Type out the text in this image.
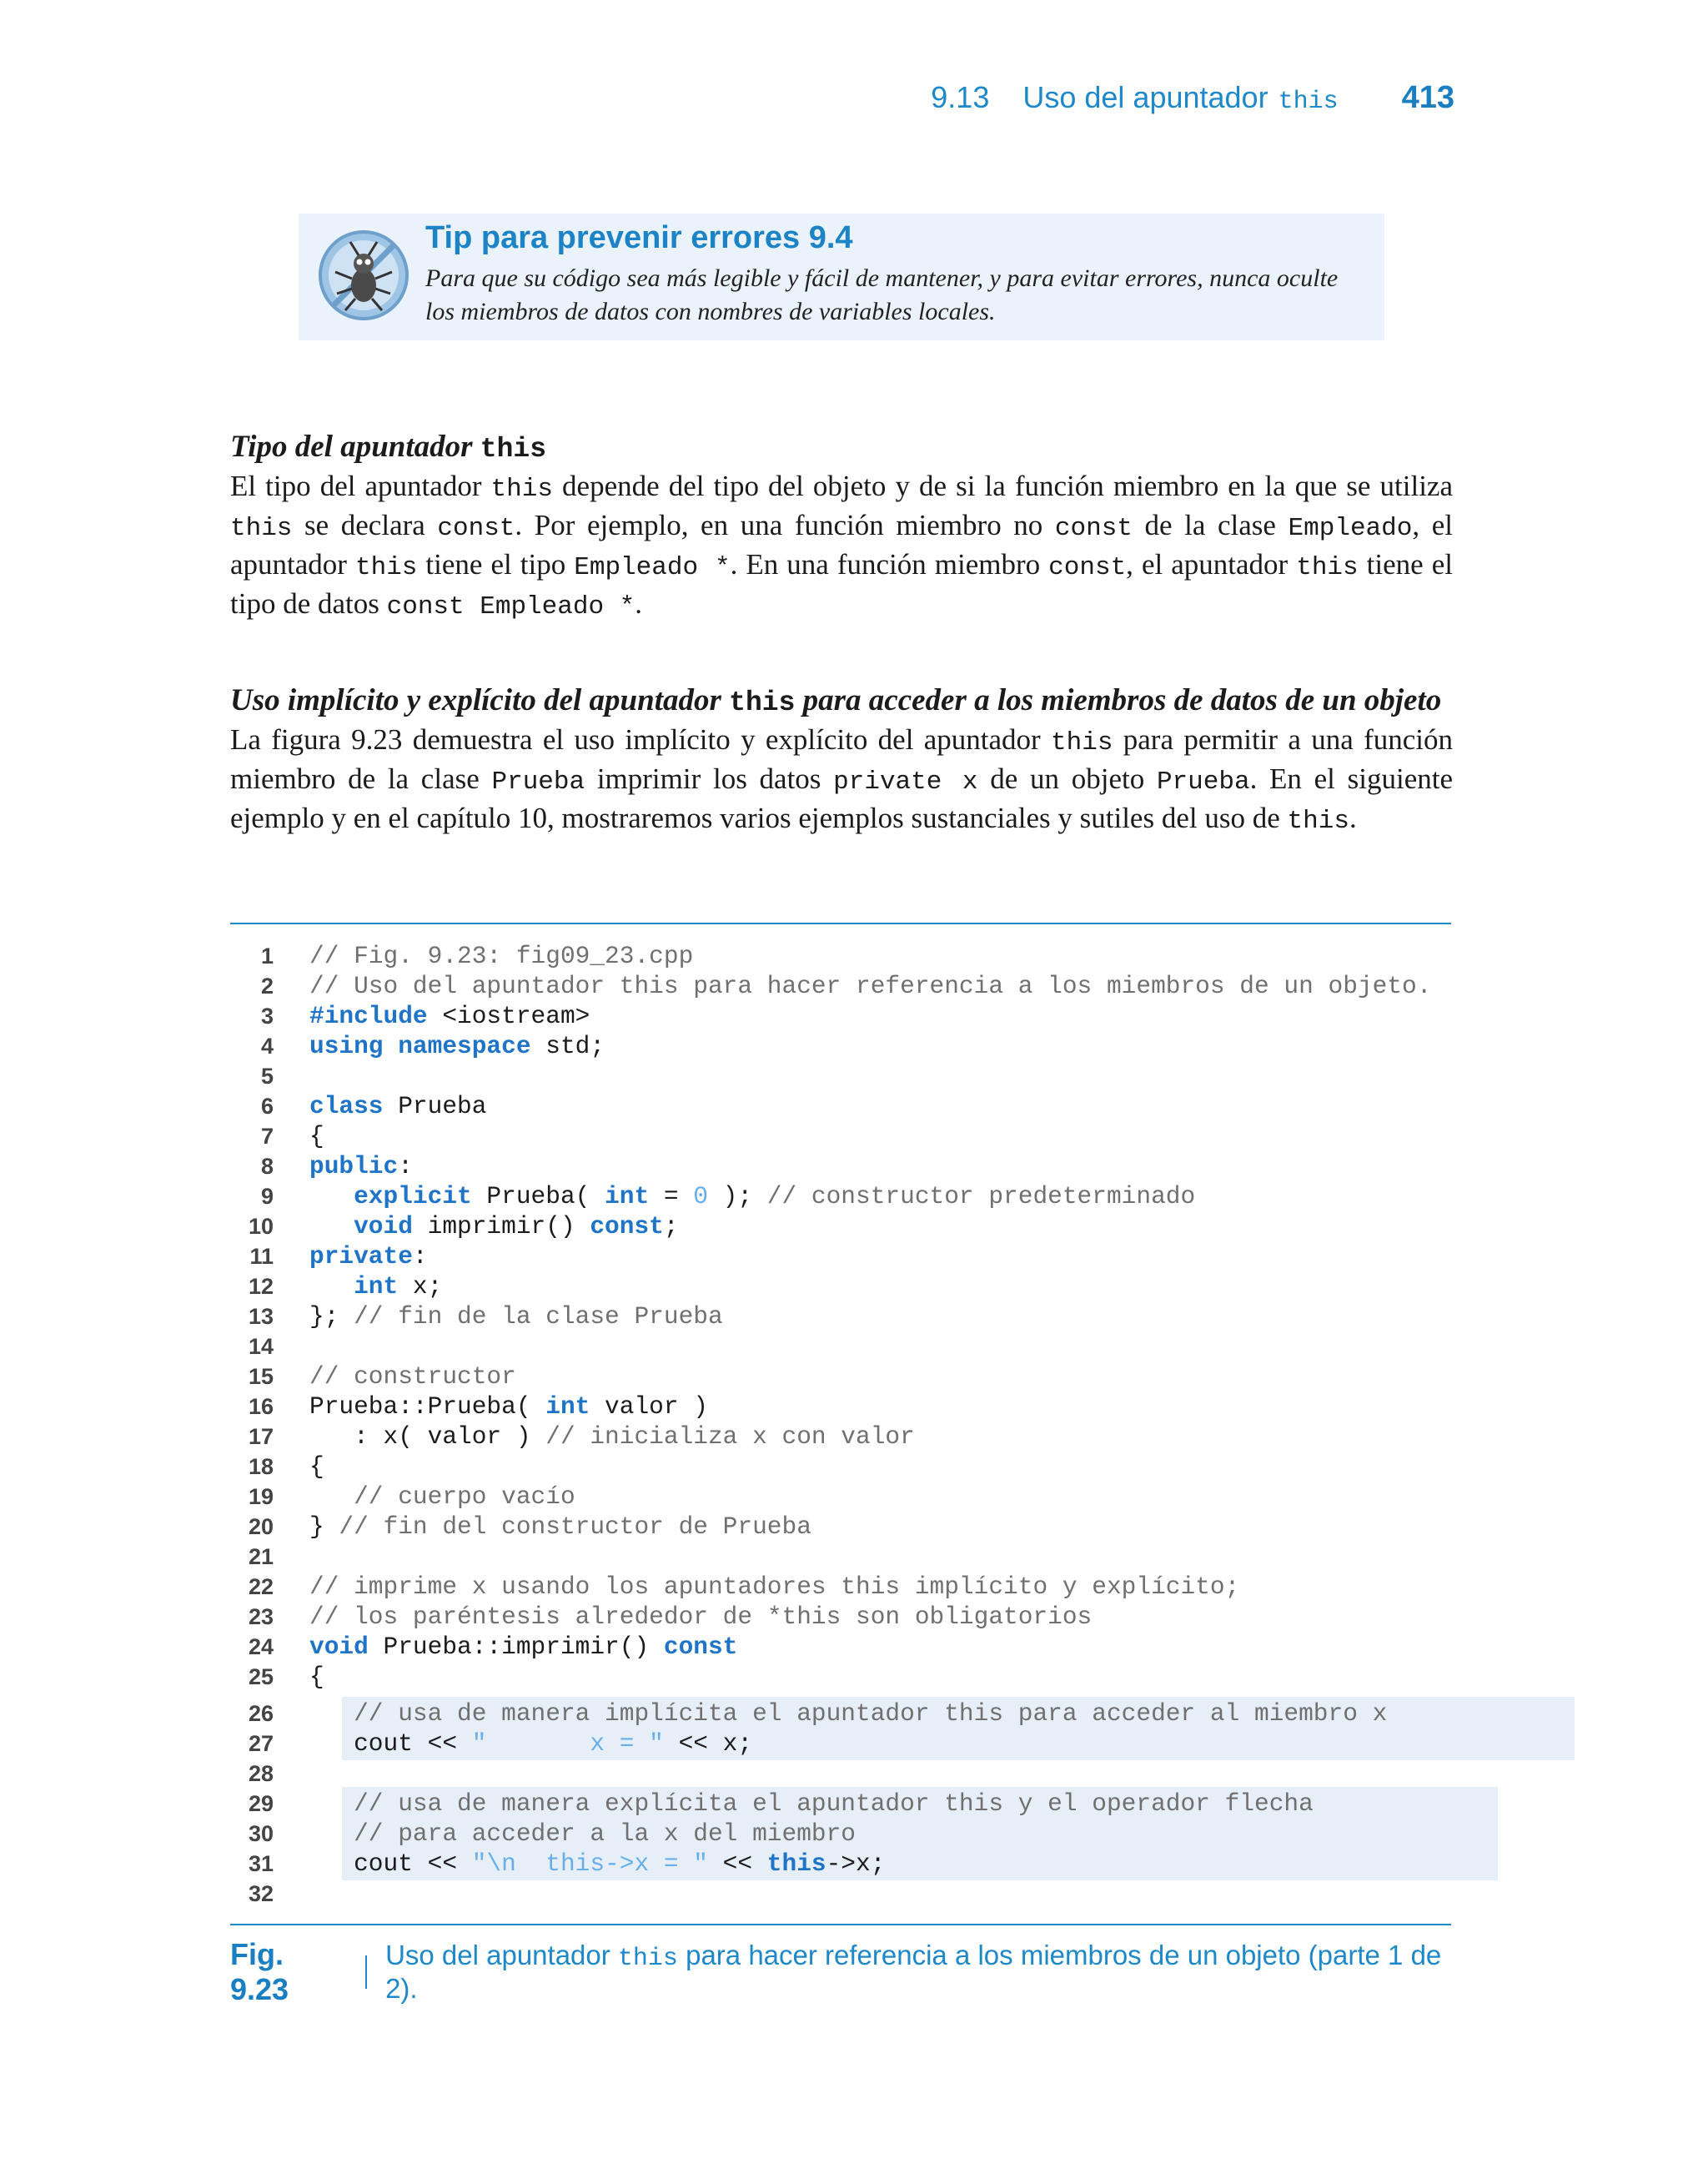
9.13 Uso del apuntador this 413
Tip para prevenir errores 9.4
Para que su código sea más legible y fácil de mantener, y para evitar errores, nunca oculte los miembros de datos con nombres de variables locales.
Tipo del apuntador this

El tipo del apuntador this depende del tipo del objeto y de si la función miembro en la que se utiliza this se declara const. Por ejemplo, en una función miembro no const de la clase Empleado, el apuntador this tiene el tipo Empleado *. En una función miembro const, el apuntador this tiene el tipo de datos const Empleado *.

Uso implícito y explícito del apuntador this para acceder a los miembros de datos de un objeto

La figura 9.23 demuestra el uso implícito y explícito del apuntador this para permitir a una función miembro de la clase Prueba imprimir los datos private x de un objeto Prueba. En el siguiente ejemplo y en el capítulo 10, mostraremos varios ejemplos sustanciales y sutiles del uso de this.

1 // Fig. 9.23: fig09_23.cpp
2 // Uso del apuntador this para hacer referencia a los miembros de un objeto.
3 #include <iostream>
4 using namespace std;
5
6 class Prueba
7 {
8 public:
9	explicit Prueba( int = 0 ); // constructor predeterminado
10	void imprimir() const;
11 private:
12	int x;
13 }; // fin de la clase Prueba
14
15 // constructor
16 Prueba::Prueba( int valor )
17 : x( valor ) // inicializa x con valor
18 {
19	// cuerpo vacío
20 } // fin del constructor de Prueba
21
22 // imprime x usando los apuntadores this implícito y explícito;
23 // los paréntesis alrededor de *this son obligatorios
24 void Prueba::imprimir() const
25 {
26	// usa de manera implícita el apuntador this para acceder al miembro x
27 cout << "       x = " << x;
28
29	// usa de manera explícita el apuntador this y el operador flecha
30	// para acceder a la x del miembro
31 cout << "\n  this->x = " << this->x;
32
Fig. 9.23
Uso del apuntador this para hacer referencia a los miembros de un objeto (parte 1 de 2).
